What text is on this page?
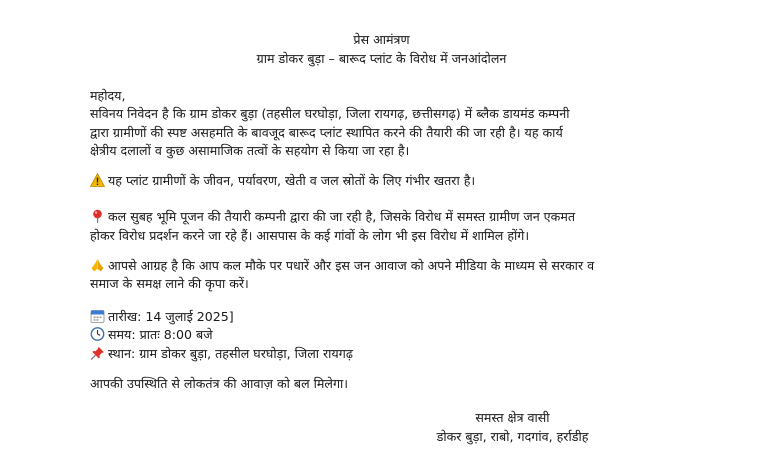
प्रेस आमंत्रण
ग्राम डोकर बुड़ा – बारूद प्लांट के विरोध में जनआंदोलन
महोदय,
सविनय निवेदन है कि ग्राम डोकर बुड़ा (तहसील घरघोड़ा, जिला रायगढ़, छत्तीसगढ़) में ब्लैक डायमंड कम्पनी
द्वारा ग्रामीणों की स्पष्ट असहमति के बावजूद बारूद प्लांट स्थापित करने की तैयारी की जा रही है। यह कार्य
क्षेत्रीय दलालों व कुछ असामाजिक तत्वों के सहयोग से किया जा रहा है।
यह प्लांट ग्रामीणों के जीवन, पर्यावरण, खेती व जल स्रोतों के लिए गंभीर खतरा है।
कल सुबह भूमि पूजन की तैयारी कम्पनी द्वारा की जा रही है, जिसके विरोध में समस्त ग्रामीण जन एकमत
होकर विरोध प्रदर्शन करने जा रहे हैं। आसपास के कई गांवों के लोग भी इस विरोध में शामिल होंगे।
आपसे आग्रह है कि आप कल मौके पर पधारें और इस जन आवाज को अपने मीडिया के माध्यम से सरकार व
समाज के समक्ष लाने की कृपा करें।
तारीख: 14 जुलाई 2025]
समय: प्रातः 8:00 बजे
स्थान: ग्राम डोकर बुड़ा, तहसील घरघोड़ा, जिला रायगढ़
आपकी उपस्थिति से लोकतंत्र की आवाज़ को बल मिलेगा।
समस्त क्षेत्र वासी
डोकर बुड़ा, राबो, गदगांव, हर्राडीह
